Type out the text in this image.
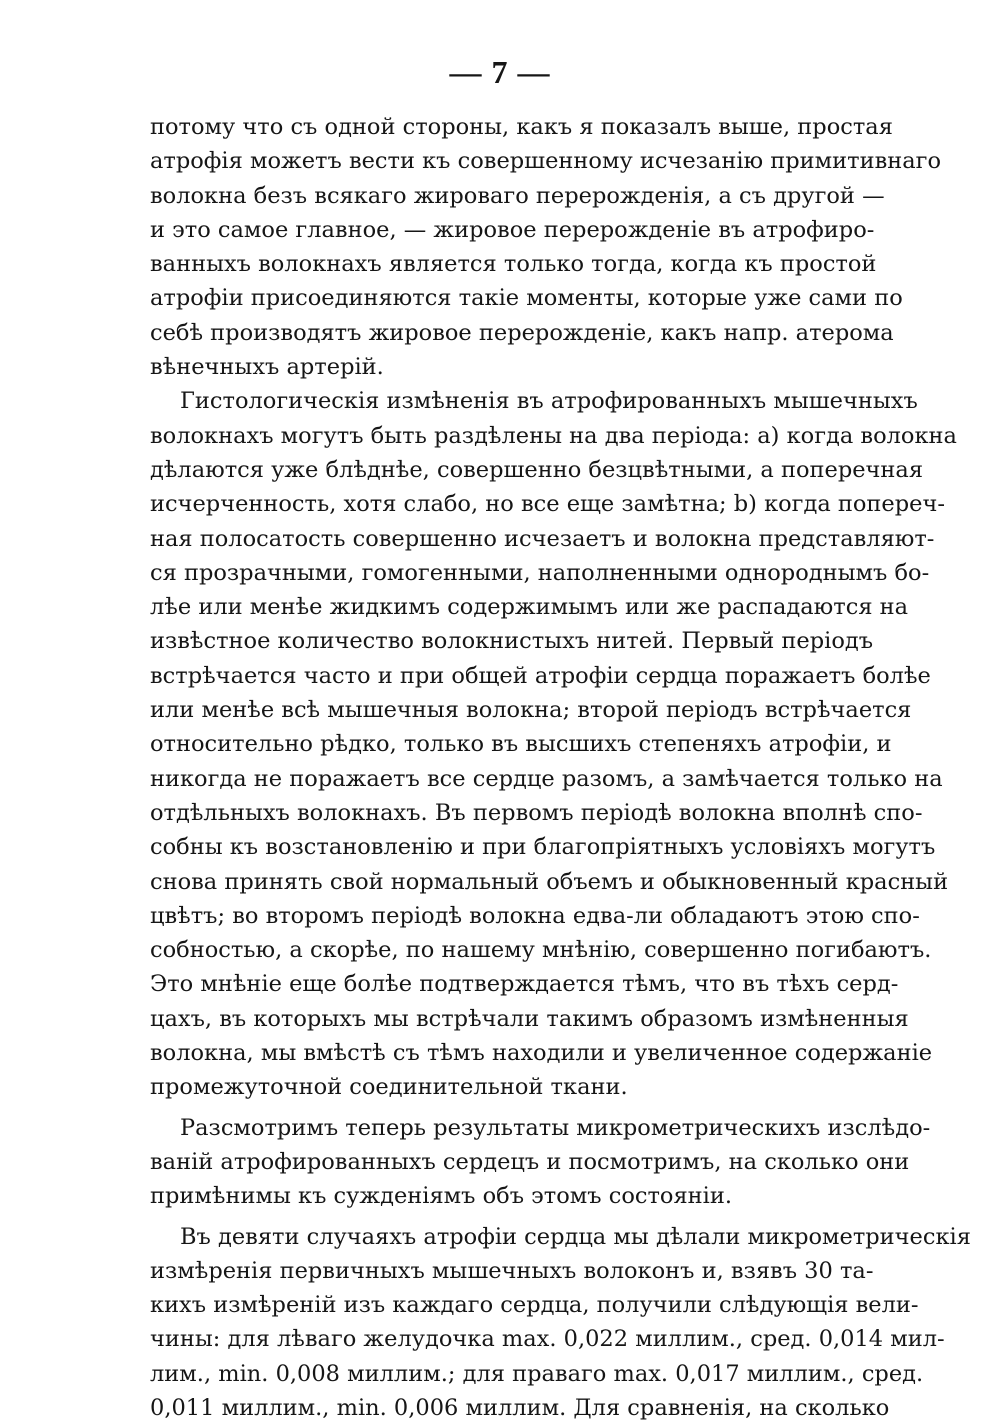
— 7 —
потому что съ одной стороны, какъ я показалъ выше, простая
атрофія можетъ вести къ совершенному исчезанію примитивнаго
волокна безъ всякаго жироваго перерожденія, а съ другой —
и это самое главное, — жировое перерожденіе въ атрофиро-
ванныхъ волокнахъ является только тогда, когда къ простой
атрофіи присоединяются такіе моменты, которые уже сами по
себѣ производятъ жировое перерожденіе, какъ напр. атерома
вѣнечныхъ артерій.
Гистологическія измѣненія въ атрофированныхъ мышечныхъ
волокнахъ могутъ быть раздѣлены на два періода: а) когда волокна
дѣлаются уже блѣднѣе, совершенно безцвѣтными, а поперечная
исчерченность, хотя слабо, но все еще замѣтна; b) когда попереч-
ная полосатость совершенно исчезаетъ и волокна представляют-
ся прозрачными, гомогенными, наполненными однороднымъ бо-
лѣе или менѣе жидкимъ содержимымъ или же распадаются на
извѣстное количество волокнистыхъ нитей. Первый періодъ
встрѣчается часто и при общей атрофіи сердца поражаетъ болѣе
или менѣе всѣ мышечныя волокна; второй періодъ встрѣчается
относительно рѣдко, только въ высшихъ степеняхъ атрофіи, и
никогда не поражаетъ все сердце разомъ, а замѣчается только на
отдѣльныхъ волокнахъ. Въ первомъ періодѣ волокна вполнѣ спо-
собны къ возстановленію и при благопріятныхъ условіяхъ могутъ
снова принять свой нормальный объемъ и обыкновенный красный
цвѣтъ; во второмъ періодѣ волокна едва-ли обладаютъ этою спо-
собностью, а скорѣе, по нашему мнѣнію, совершенно погибаютъ.
Это мнѣніе еще болѣе подтверждается тѣмъ, что въ тѣхъ серд-
цахъ, въ которыхъ мы встрѣчали такимъ образомъ измѣненныя
волокна, мы вмѣстѣ съ тѣмъ находили и увеличенное содержаніе
промежуточной соединительной ткани.
Разсмотримъ теперь результаты микрометрическихъ изслѣдо-
ваній атрофированныхъ сердецъ и посмотримъ, на сколько они
примѣнимы къ сужденіямъ объ этомъ состояніи.
Въ девяти случаяхъ атрофіи сердца мы дѣлали микрометрическія
измѣренія первичныхъ мышечныхъ волоконъ и, взявъ 30 та-
кихъ измѣреній изъ каждаго сердца, получили слѣдующія вели-
чины: для лѣваго желудочка max. 0,022 миллим., сред. 0,014 мил-
лим., min. 0,008 миллим.; для праваго max. 0,017 миллим., сред.
0,011 миллим., min. 0,006 миллим. Для сравненія, на сколько
